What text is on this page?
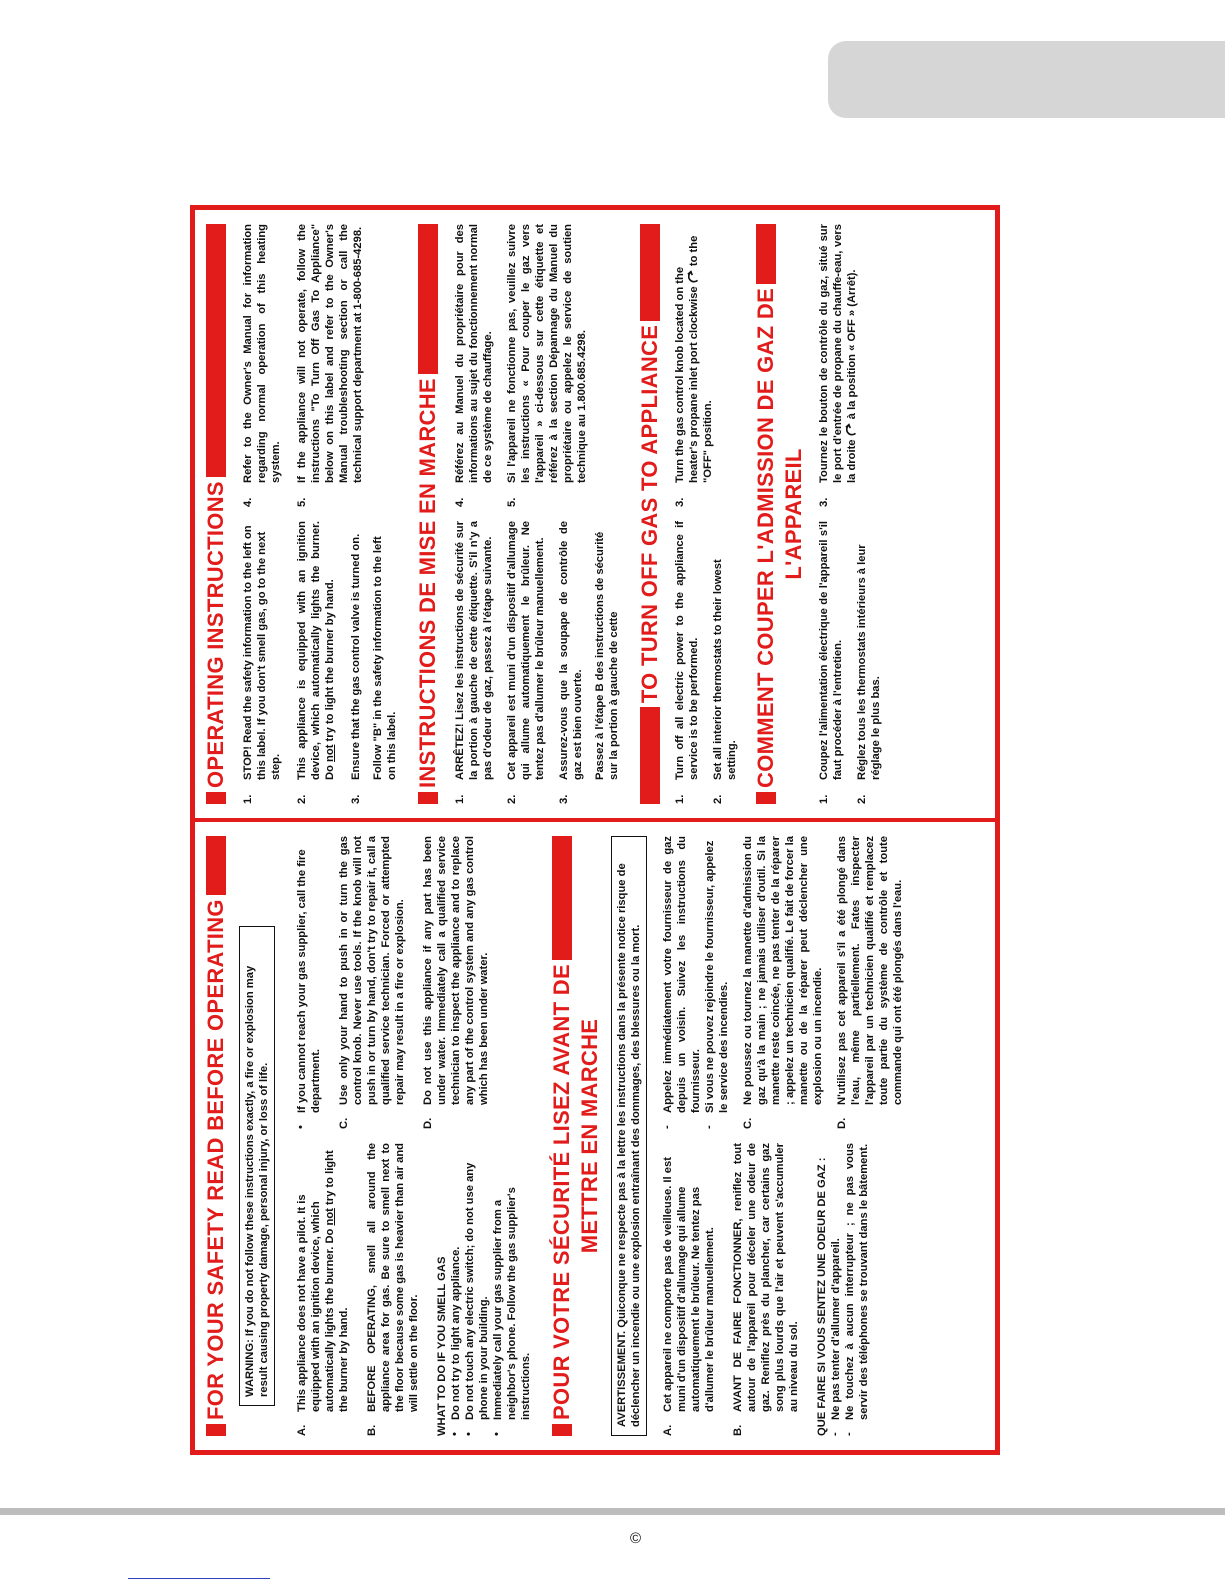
FOR YOUR SAFETY READ BEFORE OPERATING	WARNING: If you do not follow these instructions exactly, a fire or explosion may result causing property damage, personal injury, or loss of life.
A.
This appliance does not have a pilot. It is equipped with an ignition device, which automatically lights the burner. Do not try to light the burner by hand.
B.
BEFORE OPERATING, smell all around the appliance area for gas. Be sure to smell next to the floor because some gas is heavier than air and will settle on the floor. WHAT TO DO IF YOU SMELL GAS •
Do not try to light any appliance.
•
Do not touch any electric switch; do not use any phone in your building.
•
Immediately call your gas supplier from a neighbor's phone. Follow the gas supplier's instructions.
•
If you cannot reach your gas supplier, call the fire department.
C.
Use only your hand to push in or turn the gas control knob. Never use tools. If the knob will not push in or turn by hand, don't try to repair it, call a qualified service technician. Forced or attempted repair may result in a fire or explosion.
D.
Do not use this appliance if any part has been under water. Immediately call a qualified service technician to inspect the appliance and to replace any part of the control system and any gas control which has been under water.	POUR VOTRE SÉCURITÉ LISEZ AVANT DE METTRE EN MARCHE	AVERTISSEMENT. Quiconque ne respecte pas à la lettre les instructions dans la présente notice risque de déclencher un incendie ou une explosion entraînant des dommages, des blessures ou la mort.
A.
Cet appareil ne comporte pas de veilleuse. Il est muni d'un dispositif d'allumage qui allume automatiquement le brûleur. Ne tentez pas d'allumer le brûleur manuellement.
B.
AVANT DE FAIRE FONCTIONNER, reniflez tout autour de l'appareil pour déceler une odeur de gaz. Reniflez près du plancher, car certains gaz song plus lourds que l'air et peuvent s'accumuler au niveau du sol. QUE FAIRE SI VOUS SENTEZ UNE ODEUR DE GAZ : -
Ne pas tenter d'allumer d'appareil.
-
Ne touchez à aucun interrupteur ; ne pas vous servir des téléphones se trouvant dans le bâtement.
-
Appelez immédiatement votre fournisseur de gaz depuis un voisin. Suivez les instructions du fournisseur.
-
Si vous ne pouvez rejoindre le fournisseur, appelez le service des incendies.
C.
Ne poussez ou tournez la manette d'admission du gaz qu'à la main ; ne jamais utiliser d'outil. Si la manette reste coincée, ne pas tenter de la réparer ; appelez un technicien qualifié. Le fait de forcer la manette ou de la réparer peut déclencher une explosion ou un incendie.
D.
N'utilisez pas cet appareil s'il a été plongé dans l'eau, même partiellement. Fates inspecter l'appareil par un technicien qualifié et remplacez toute partie du système de contrôle et toute commande qui ont été plongés dans l'eau.
OPERATING INSTRUCTIONS
1.
STOP! Read the safety information to the left on this label. If you don't smell gas, go to the next step.
2.
This appliance is equipped with an ignition device, which automatically lights the burner. Do not try to light the burner by hand.
3.
Ensure that the gas control valve is turned on. Follow "B" in the safety information to the left on this label.
4.
Refer to the Owner's Manual for information regarding normal operation of this heating system.
5.
If the appliance will not operate, follow the instructions "To Turn Off Gas To Appliance" below on this label and refer to the Owner's Manual troubleshooting section or call the technical support department at 1-800-685-4298.
INSTRUCTIONS DE MISE EN MARCHE
1.
ARRÊTEZ! Lisez les instructions de sécurité sur la portion à gauche de cette étiquette. S'il n'y a pas d'odeur de gaz, passez à l'étape suivante.
2.
Cet appareil est muni d'un dispositif d'allumage qui allume automatiquement le brûleur. Ne tentez pas d'allumer le brûleur manuellement.
3.
Assurez-vous que la soupape de contrôle de gaz est bien ouverte. Passez à l'étape B des instructions de sécurité sur la portion à gauche de cette
4.
Référez au Manuel du propriétaire pour des informations au sujet du fonctionnement normal de ce système de chauffage.
5.
Si l'appareil ne fonctionne pas, veuillez suivre les instructions « Pour couper le gaz vers l'appareil » ci-dessous sur cette étiquette et référez à la section Dépannage du Manuel du propriétaire ou appelez le service de soutien technique au 1.800.685.4298. TO TURN OFF GAS TO APPLIANCE
1.
Turn off all electric power to the appliance if service is to be performed.
2.
Set all interior thermostats to their lowest setting.
3.
Turn the gas control knob located on the heater's propane inlet port clockwise  to the "OFF" position. COMMENT COUPER L'ADMISSION DE GAZ DE L'APPAREIL
1.
Coupez l'alimentation électrique de l'appareil s'il faut procéder à l'entretien.
2.
Réglez tous les thermostats intérieurs à leur réglage le plus bas.
3.
Tournez le bouton de contrôle du gaz, situé sur le port d'entrée de propane du chauffe-eau, vers la droite  à la position « OFF » (Arrêt).
©
